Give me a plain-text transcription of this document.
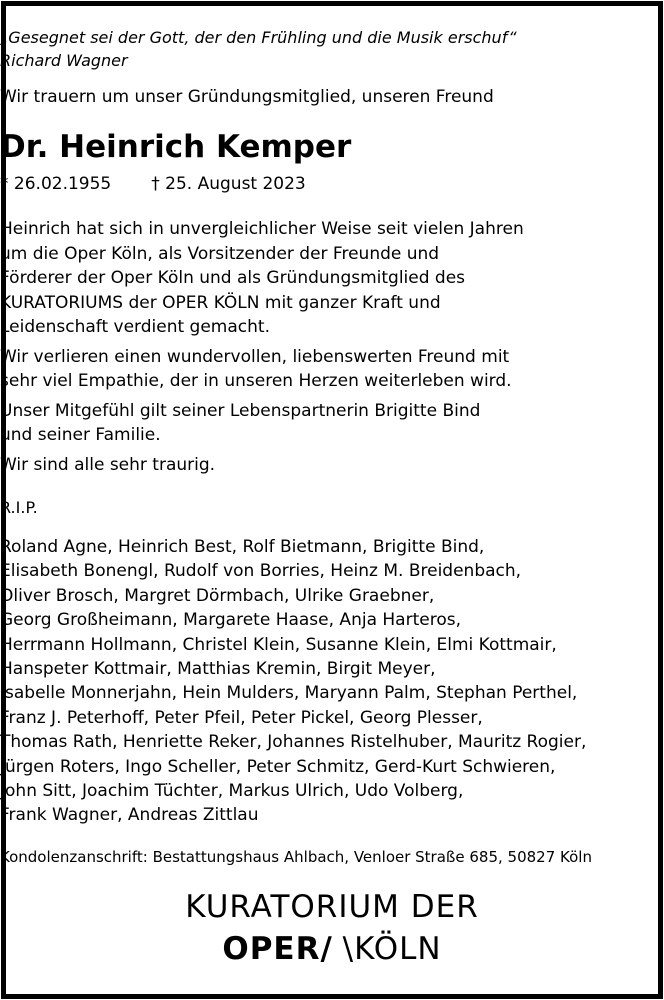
„Gesegnet sei der Gott, der den Frühling und die Musik erschuf“
Richard Wagner
Wir trauern um unser Gründungsmitglied, unseren Freund
Dr. Heinrich Kemper
* 26.02.1955 † 25. August 2023

Heinrich hat sich in unvergleichlicher Weise seit vielen Jahren
um die Oper Köln, als Vorsitzender der Freunde und
Förderer der Oper Köln und als Gründungsmitglied des
KURATORIUMS der OPER KÖLN mit ganzer Kraft und
Leidenschaft verdient gemacht.

Wir verlieren einen wundervollen, liebenswerten Freund mit
sehr viel Empathie, der in unseren Herzen weiterleben wird.

Unser Mitgefühl gilt seiner Lebenspartnerin Brigitte Bind
und seiner Familie.

Wir sind alle sehr traurig.

R.I.P.
Roland Agne, Heinrich Best, Rolf Bietmann, Brigitte Bind,
Elisabeth Bonengl, Rudolf von Borries, Heinz M. Breidenbach,
Oliver Brosch, Margret Dörmbach, Ulrike Graebner,
Georg Großheimann, Margarete Haase, Anja Harteros,
Herrmann Hollmann, Christel Klein, Susanne Klein, Elmi Kottmair,
Hanspeter Kottmair, Matthias Kremin, Birgit Meyer,
Isabelle Monnerjahn, Hein Mulders, Maryann Palm, Stephan Perthel,
Franz J. Peterhoff, Peter Pfeil, Peter Pickel, Georg Plesser,
Thomas Rath, Henriette Reker, Johannes Ristelhuber, Mauritz Rogier,
Jürgen Roters, Ingo Scheller, Peter Schmitz, Gerd-Kurt Schwieren,
John Sitt, Joachim Tüchter, Markus Ulrich, Udo Volberg,
Frank Wagner, Andreas Zittlau
Kondolenzanschrift: Bestattungshaus Ahlbach, Venloer Straße 685, 50827 Köln
KURATORIUM DER
OPER/ \KÖLN
